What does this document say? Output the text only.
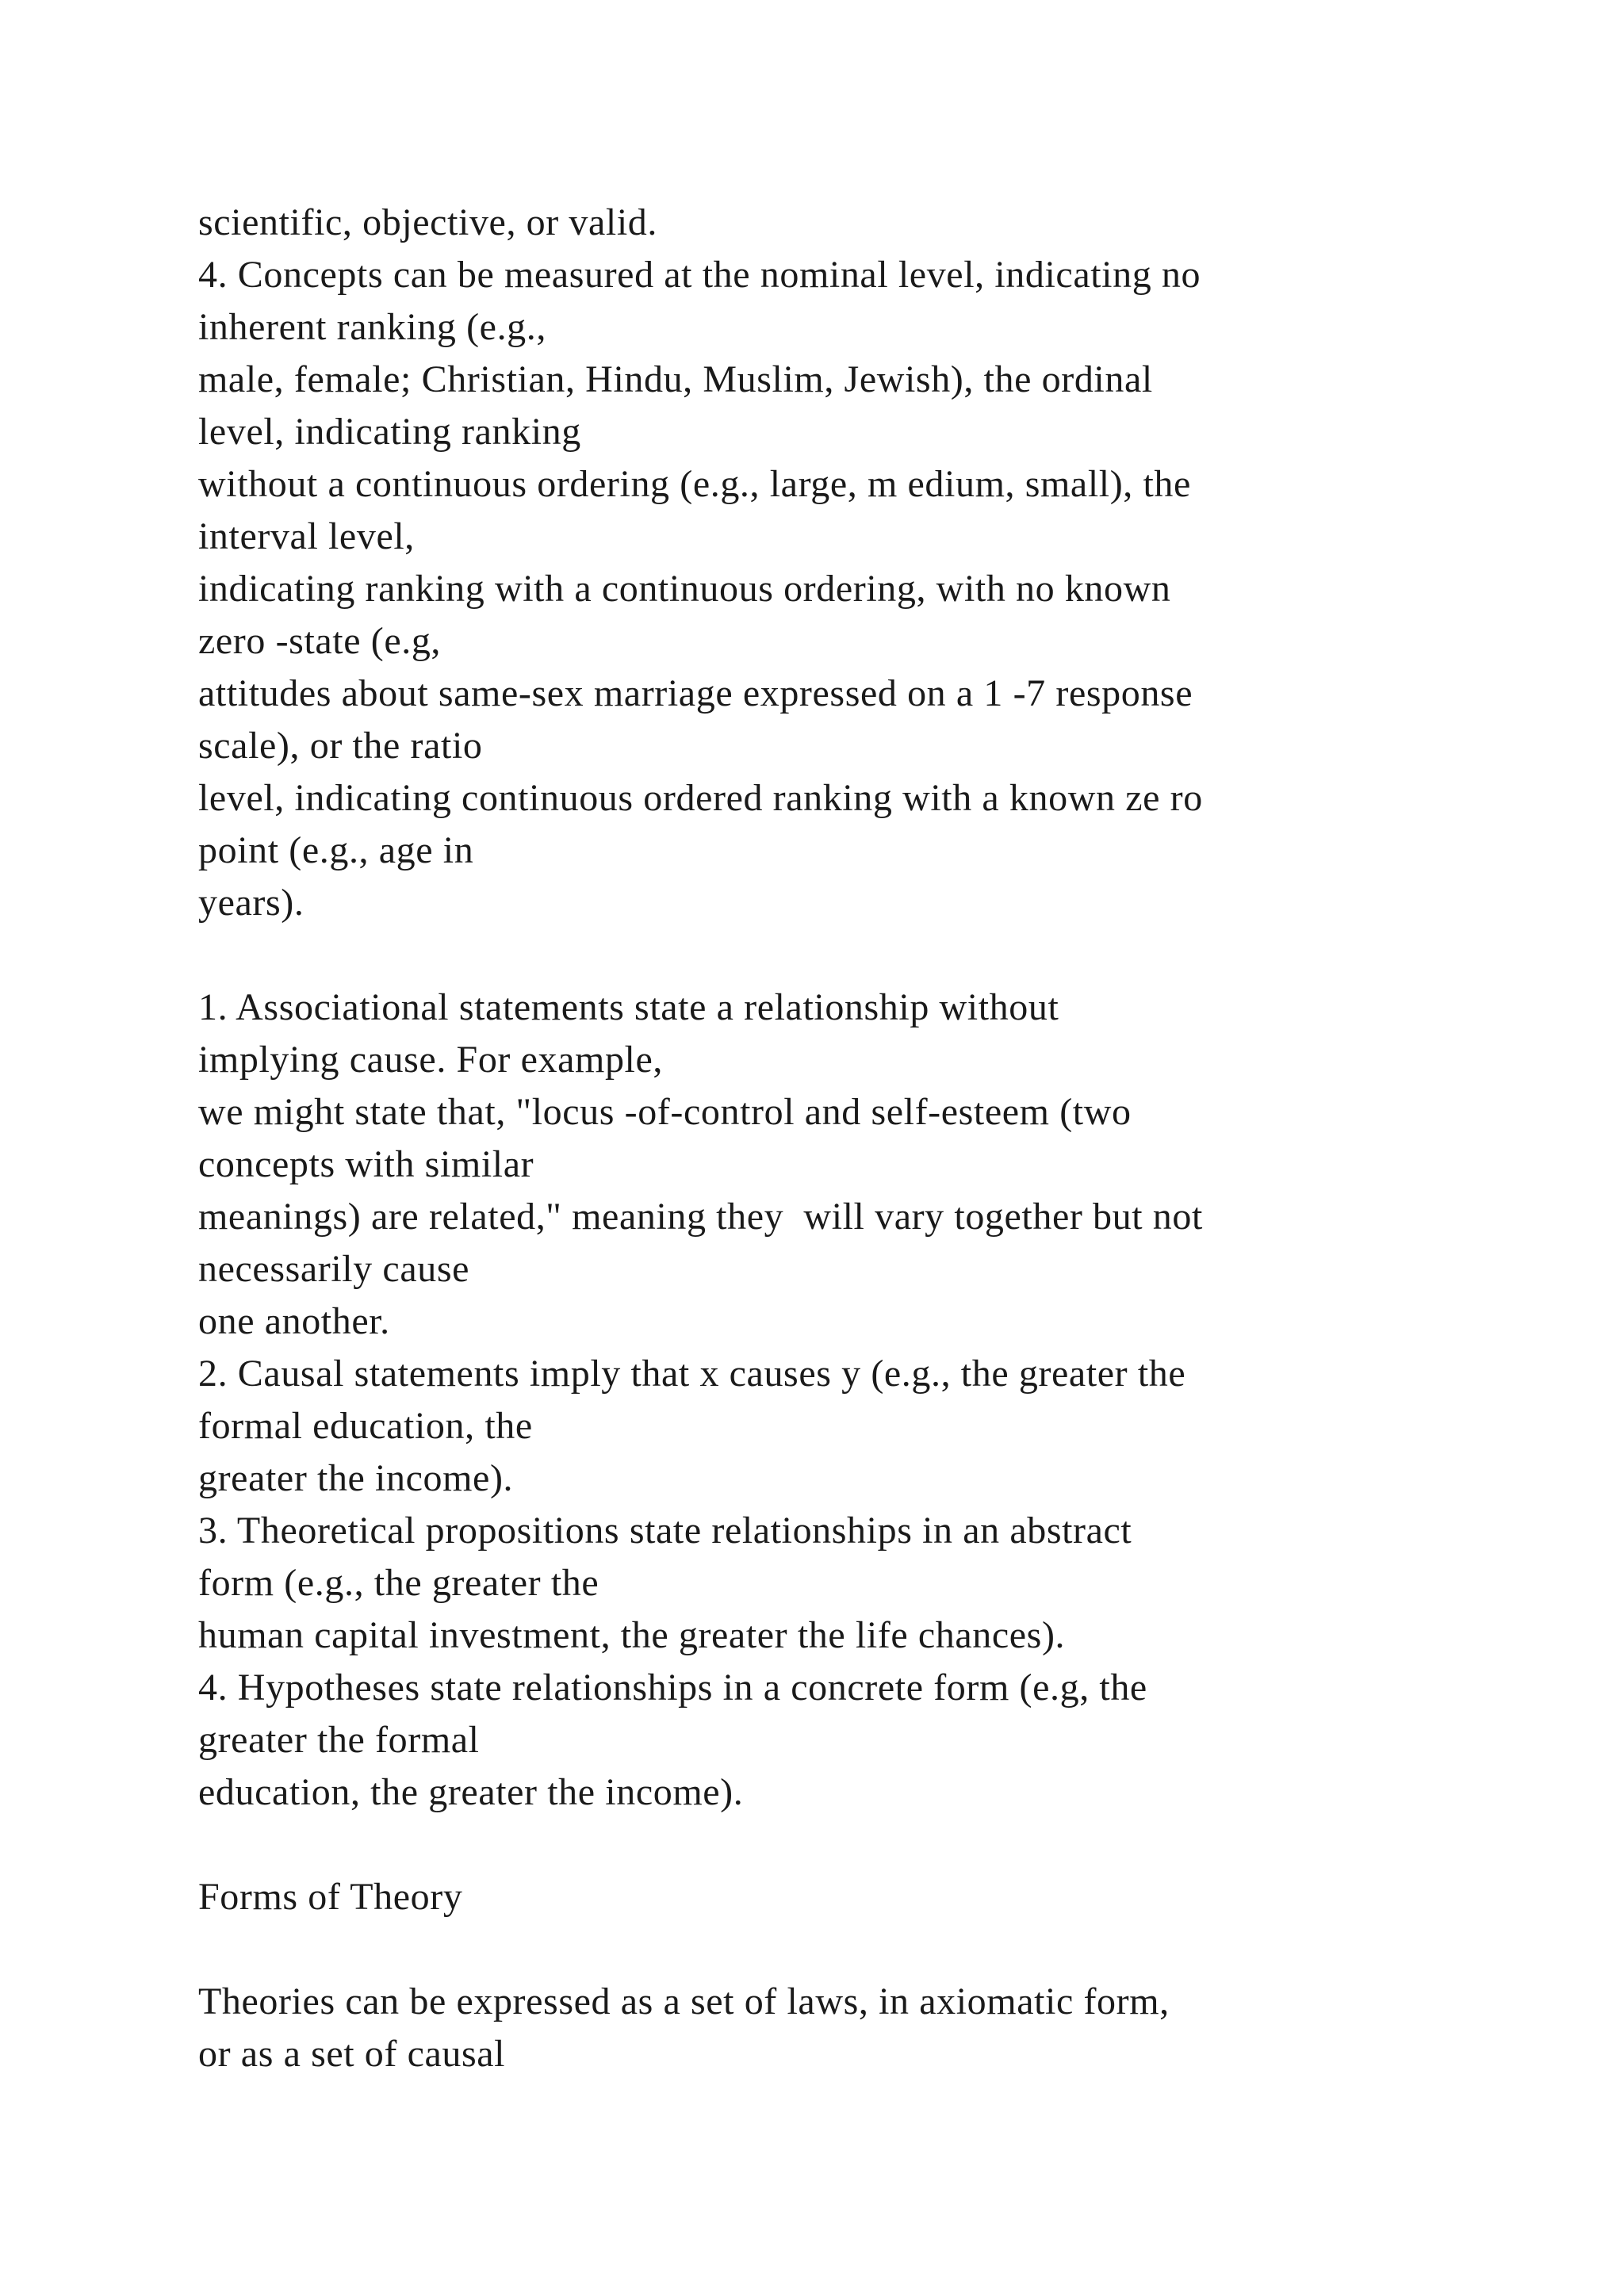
scientific, objective, or valid.
4. Concepts can be measured at the nominal level, indicating no
inherent ranking (e.g.,
male, female; Christian, Hindu, Muslim, Jewish), the ordinal
level, indicating ranking
without a continuous ordering (e.g., large, m edium, small), the
interval level,
indicating ranking with a continuous ordering, with no known
zero -state (e.g,
attitudes about same-sex marriage expressed on a 1 -7 response
scale), or the ratio
level, indicating continuous ordered ranking with a known ze ro
point (e.g., age in
years).
1. Associational statements state a relationship without
implying cause. For example,
we might state that, "locus -of-control and self-esteem (two
concepts with similar
meanings) are related," meaning they  will vary together but not
necessarily cause
one another.
2. Causal statements imply that x causes y (e.g., the greater the
formal education, the
greater the income).
3. Theoretical propositions state relationships in an abstract
form (e.g., the greater the
human capital investment, the greater the life chances).
4. Hypotheses state relationships in a concrete form (e.g, the
greater the formal
education, the greater the income).
Forms of Theory
Theories can be expressed as a set of laws, in axiomatic form,
or as a set of causal
